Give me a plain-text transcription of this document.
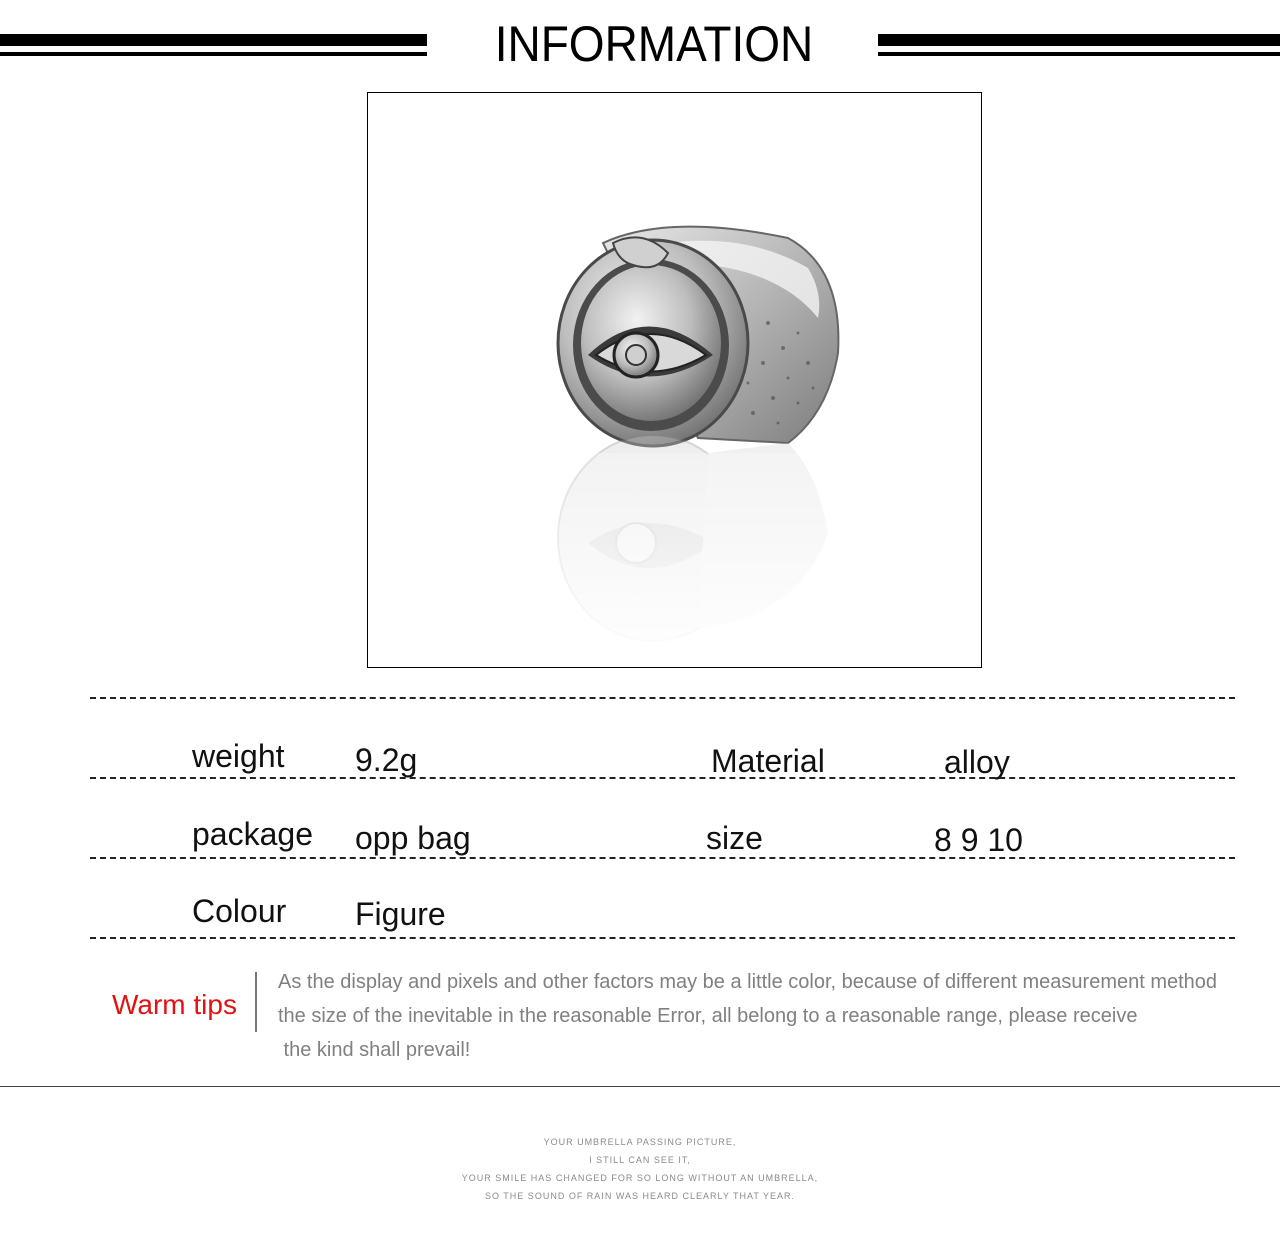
INFORMATION
weight 9.2g	Material	alloy
package opp bag	size	8 9 10
Colour Figure
Warm tips
As the display and pixels and other factors may be a little color, because of different measurement method
the size of the inevitable in the reasonable Error, all belong to a reasonable range, please receive
the kind shall prevail!
YOUR UMBRELLA PASSING PICTURE,
I STILL CAN SEE IT,
YOUR SMILE HAS CHANGED FOR SO LONG WITHOUT AN UMBRELLA,
SO THE SOUND OF RAIN WAS HEARD CLEARLY THAT YEAR.
